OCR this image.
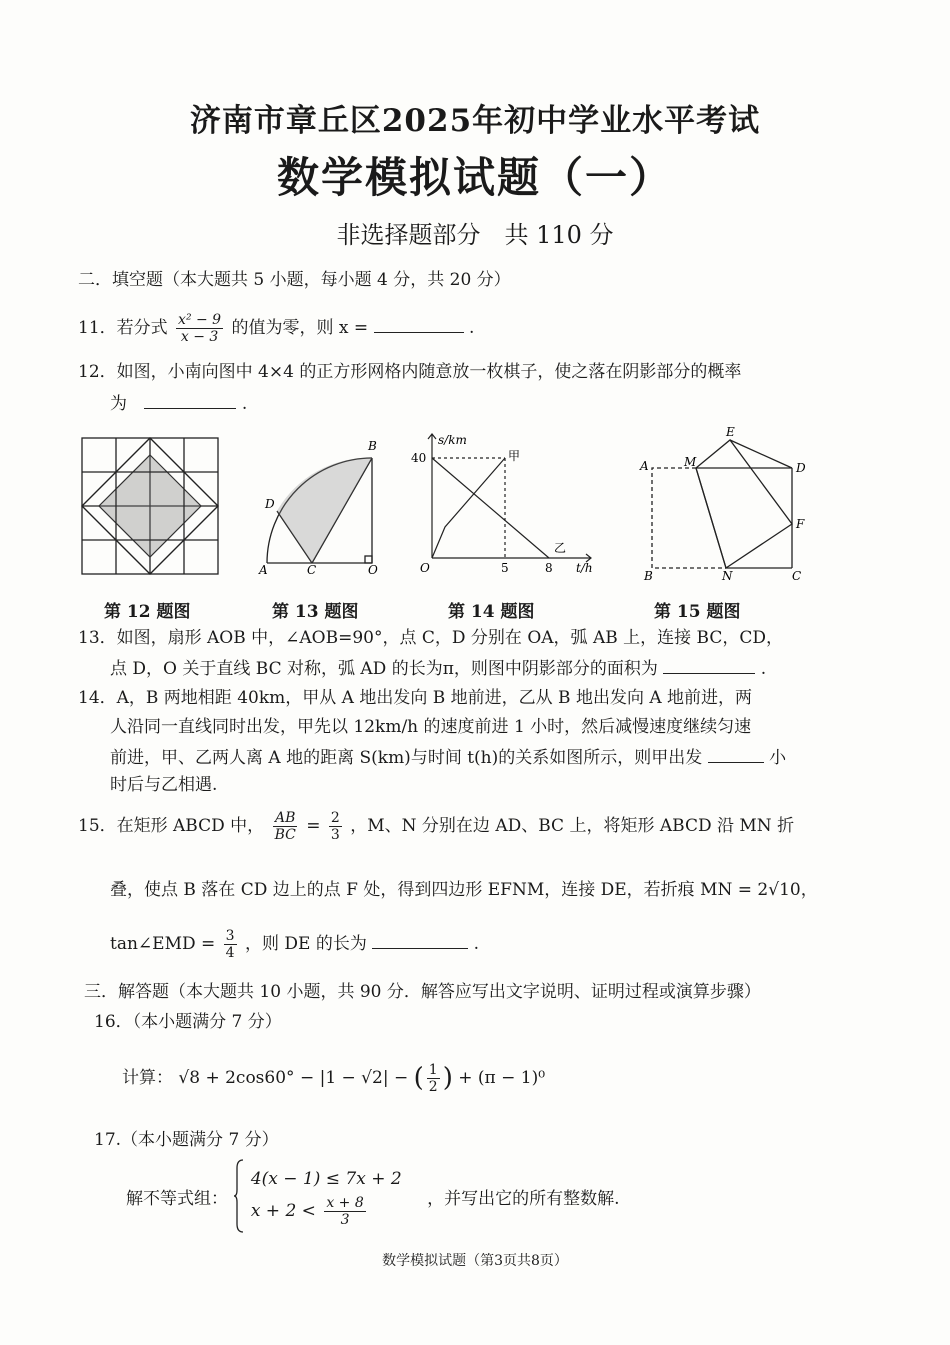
济南市章丘区2025年初中学业水平考试
数学模拟试题（一）
非选择题部分　共 110 分
二．填空题（本大题共 5 小题，每小题 4 分，共 20 分）
11．若分式 $\frac{\text{x² − 9}}{x - 3}$ 的值为零，则 x =	.
12．如图，小南向图中 4×4 的正方形网格内随意放一枚棋子，使之落在阴影部分的概率
为	.
B
D
A	C	O
s/km
40	甲
乙
O	5	8 t/h
E
A	M	D
F
B	N	C
第 12 题图	第 13 题图	第 14 题图	第 15 题图
13．如图，扇形 AOB 中，∠AOB=90°，点 C，D 分别在 OA，弧 AB 上，连接 BC，CD，
点 D，O 关于直线 BC 对称，弧 AD 的长为π，则图中阴影部分的面积为	.
14．A，B 两地相距 40km，甲从 A 地出发向 B 地前进，乙从 B 地出发向 A 地前进，两
人沿同一直线同时出发，甲先以 12km/h 的速度前进 1 小时，然后减慢速度继续匀速
前进，甲、乙两人离 A 地的距离 S(km)与时间 t(h)的关系如图所示，则甲出发	小
时后与乙相遇.
15．在矩形 ABCD 中， $\frac{AB}{BC} = \frac{2}{3}$ ，M、N 分别在边 AD、BC 上，将矩形 ABCD 沿 MN 折
叠，使点 B 落在 CD 边上的点 F 处，得到四边形 EFNM，连接 DE，若折痕 MN = 2√10，
tan∠EMD = $\frac{3}{4}$ ，则 DE 的长为	.
三．解答题（本大题共 10 小题，共 90 分．解答应写出文字说明、证明过程或演算步骤）
16．（本小题满分 7 分）
计算： √8 + 2cos60° − |1 − √2| − ( $\frac{1}{2}$ ) + (π − 1)⁰
17.（本小题满分 7 分）
解不等式组：
4(x − 1) ≤ 7x + 2
$x + 2 < \frac{x + 8}{3}$	，并写出它的所有整数解.
数学模拟试题（第3页共8页）
